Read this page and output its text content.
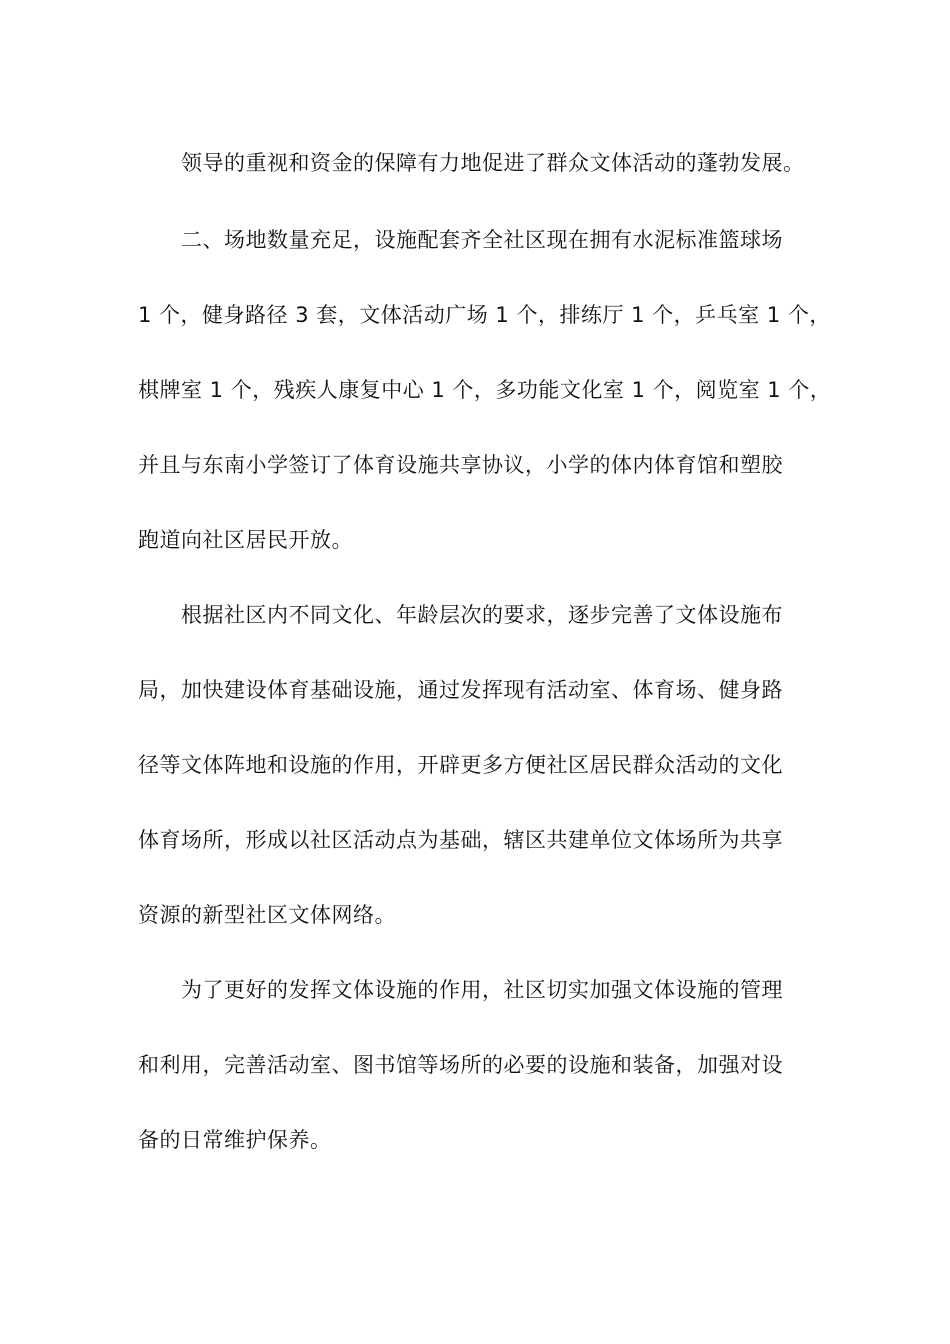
领导的重视和资金的保障有力地促进了群众文体活动的蓬勃发展。
二、场地数量充足，设施配套齐全社区现在拥有水泥标准篮球场
1 个，健身路径 3 套，文体活动广场 1 个，排练厅 1 个，乒乓室 1 个，
棋牌室 1 个，残疾人康复中心 1 个，多功能文化室 1 个，阅览室 1 个，
并且与东南小学签订了体育设施共享协议，小学的体内体育馆和塑胶
跑道向社区居民开放。
根据社区内不同文化、年龄层次的要求，逐步完善了文体设施布
局，加快建设体育基础设施，通过发挥现有活动室、体育场、健身路
径等文体阵地和设施的作用，开辟更多方便社区居民群众活动的文化
体育场所，形成以社区活动点为基础，辖区共建单位文体场所为共享
资源的新型社区文体网络。
为了更好的发挥文体设施的作用，社区切实加强文体设施的管理
和利用，完善活动室、图书馆等场所的必要的设施和装备，加强对设
备的日常维护保养。
